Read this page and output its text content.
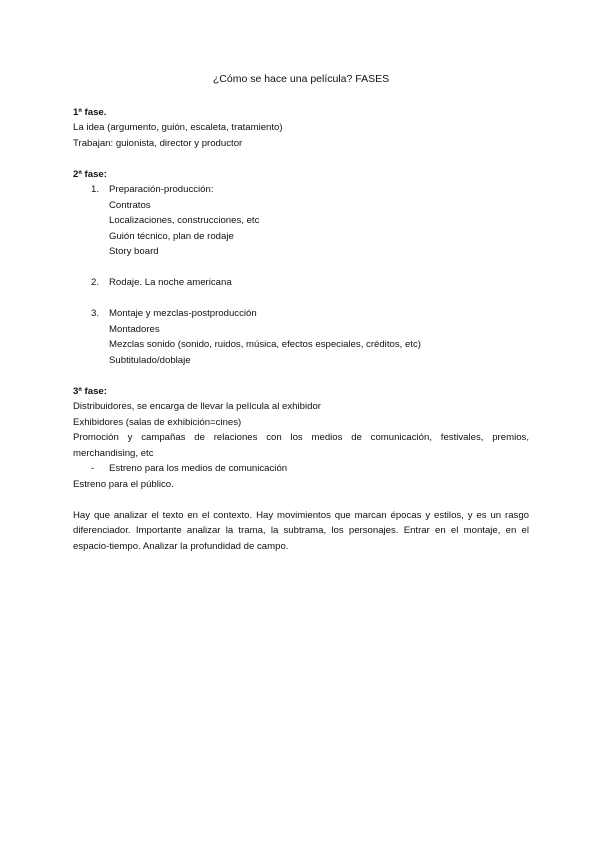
¿Cómo se hace una película? FASES

1ª fase.

La idea (argumento, guión, escaleta, tratamiento)

Trabajan: guionista, director y productor

2ª fase:

1. Preparación-producción:

Contratos

Localizaciones, construcciones, etc

Guión técnico, plan de rodaje

Story board

2. Rodaje. La noche americana

3. Montaje y mezclas-postproducción

Montadores

Mezclas sonido (sonido, ruidos, música, efectos especiales, créditos, etc)

Subtitulado/doblaje

3ª fase:

Distribuidores, se encarga de llevar la película al exhibidor

Exhibidores (salas de exhibición=cines)

Promoción y campañas de relaciones con los medios de comunicación, festivales, premios,

merchandising, etc

- Estreno para los medios de comunicación

Estreno para el público.

Hay que analizar el texto en el contexto. Hay movimientos que marcan épocas y estilos, y es un rasgo

diferenciador. Importante analizar la trama, la subtrama, los personajes. Entrar en el montaje, en el

espacio-tiempo. Analizar la profundidad de campo.
